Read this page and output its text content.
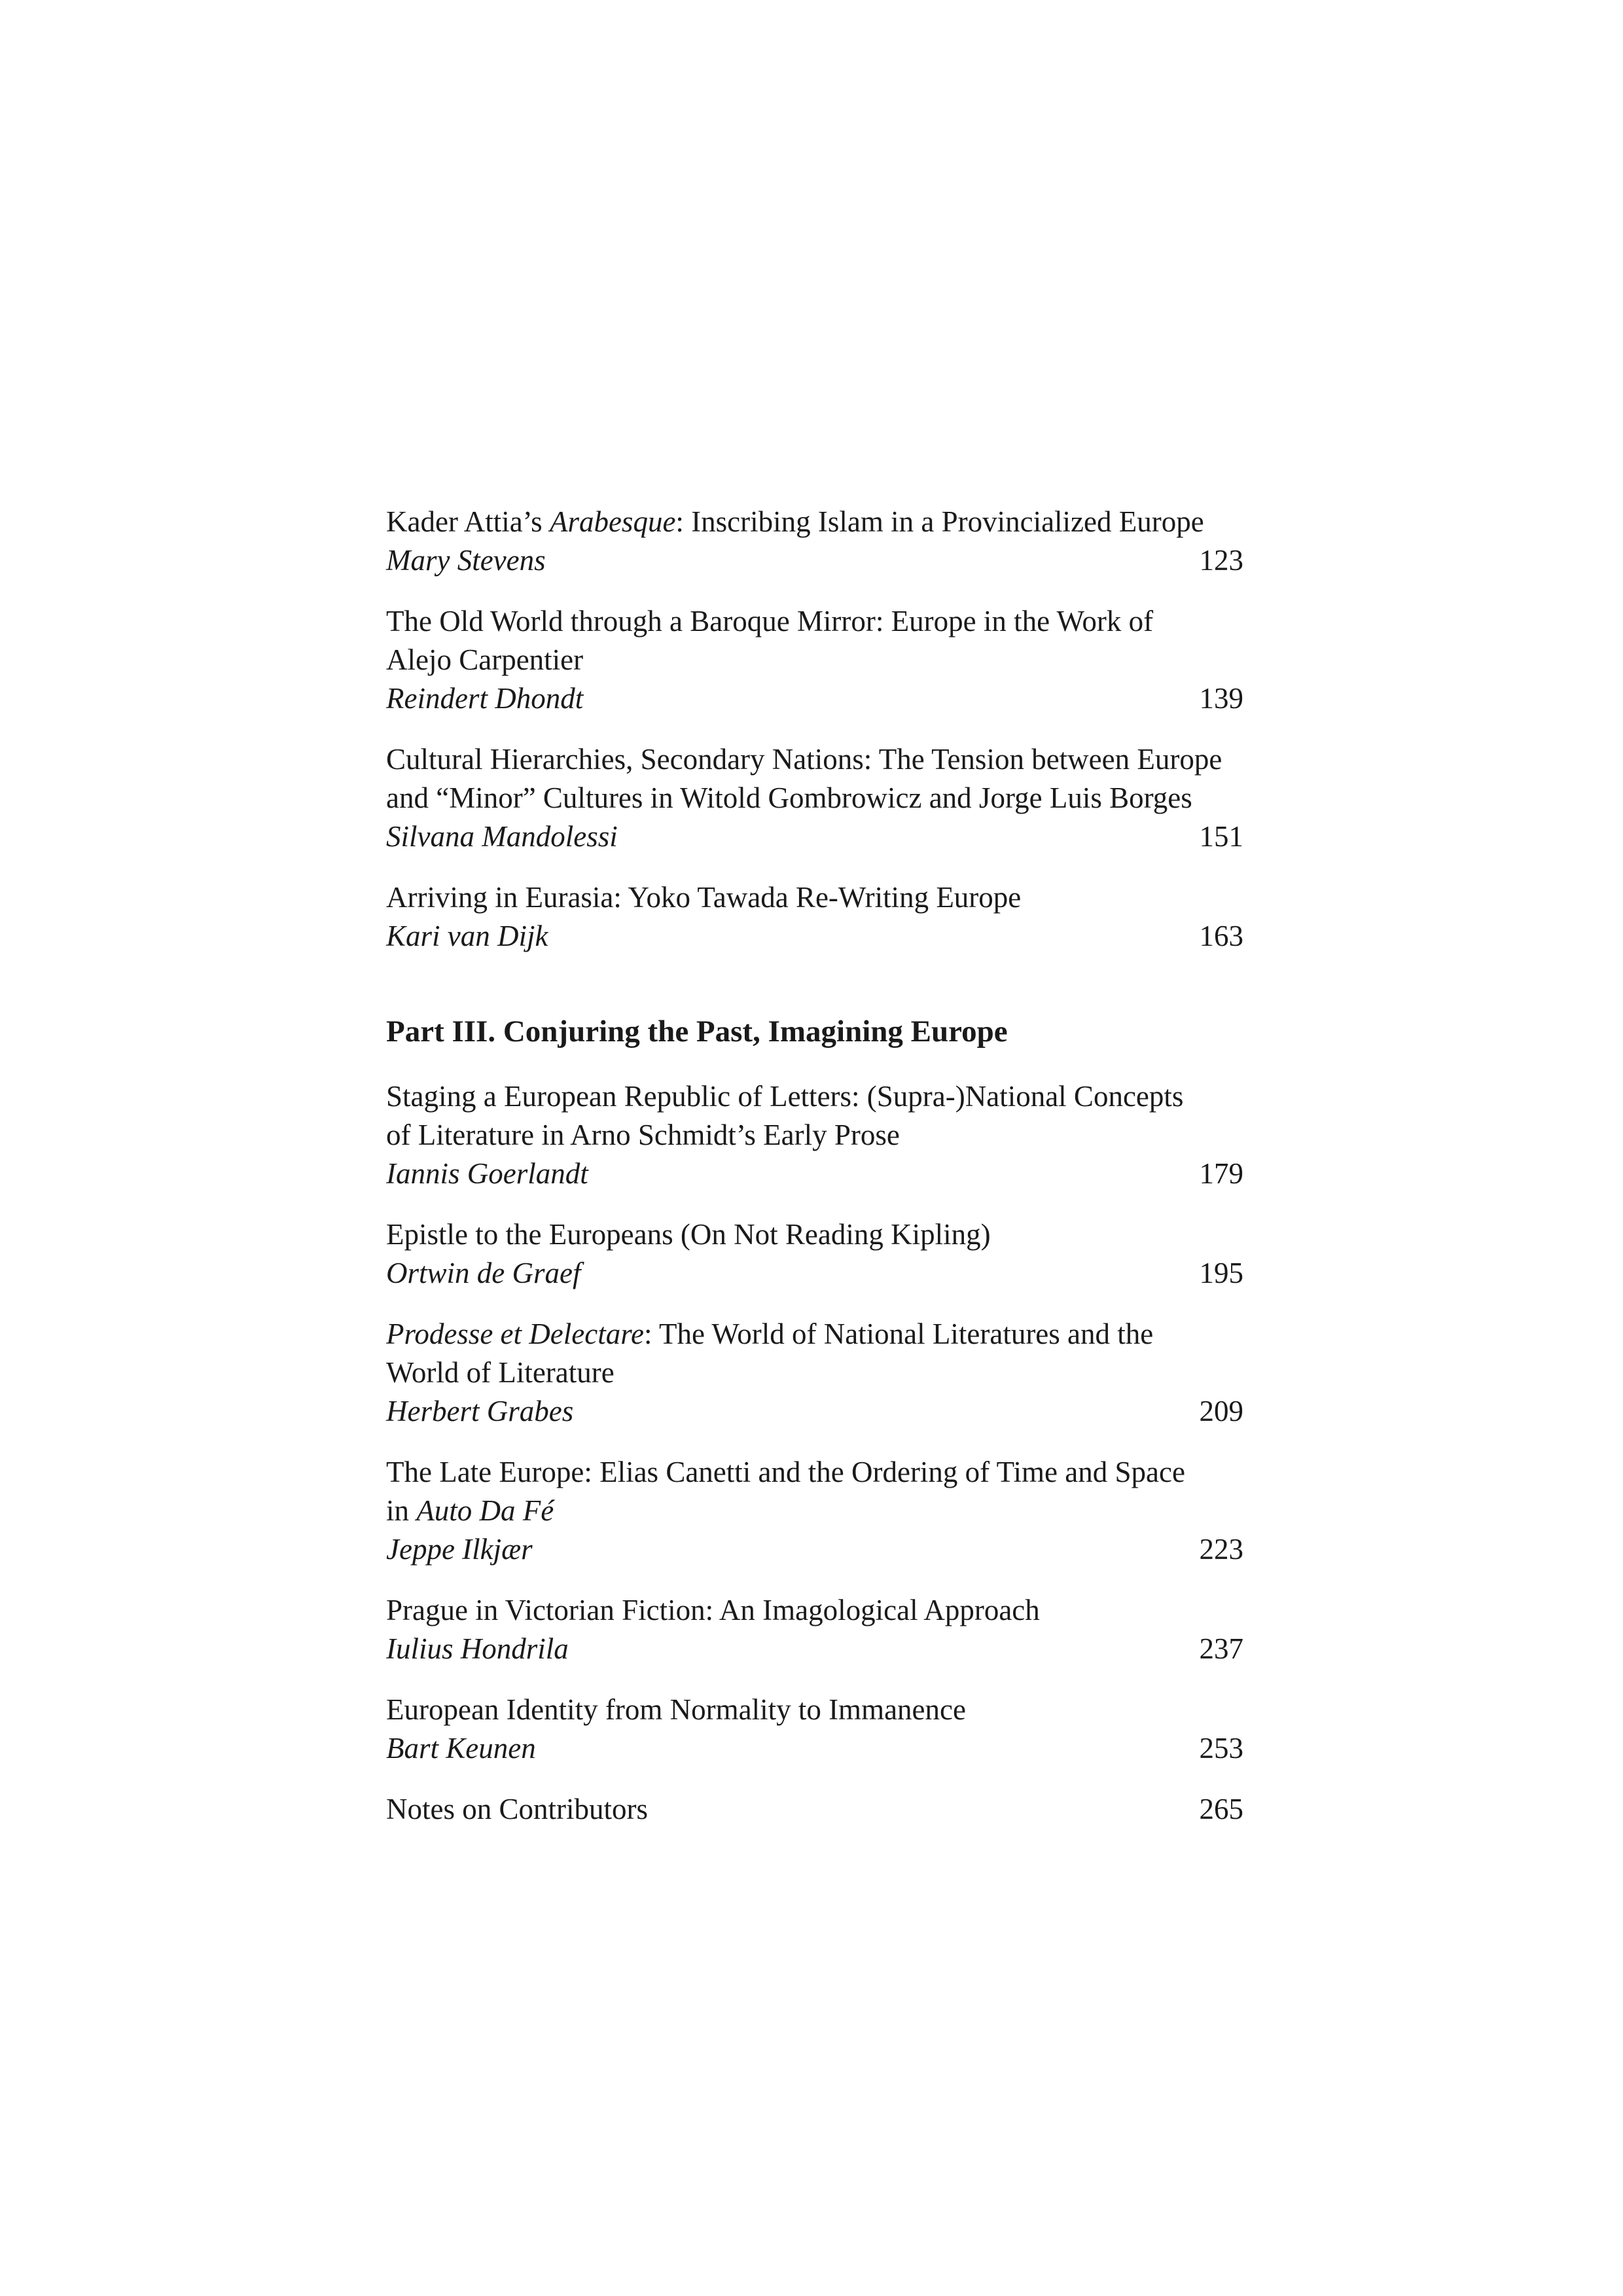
Kader Attia’s Arabesque: Inscribing Islam in a Provincialized Europe
Mary Stevens	123
The Old World through a Baroque Mirror: Europe in the Work of
Alejo Carpentier
Reindert Dhondt	139
Cultural Hierarchies, Secondary Nations: The Tension between Europe
and “Minor” Cultures in Witold Gombrowicz and Jorge Luis Borges
Silvana Mandolessi	151
Arriving in Eurasia: Yoko Tawada Re-Writing Europe
Kari van Dijk	163
Part III. Conjuring the Past, Imagining Europe
Staging a European Republic of Letters: (Supra-)National Concepts
of Literature in Arno Schmidt’s Early Prose
Iannis Goerlandt	179
Epistle to the Europeans (On Not Reading Kipling)
Ortwin de Graef	195
Prodesse et Delectare: The World of National Literatures and the
World of Literature
Herbert Grabes	209
The Late Europe: Elias Canetti and the Ordering of Time and Space
in Auto Da Fé
Jeppe Ilkjær	223
Prague in Victorian Fiction: An Imagological Approach
Iulius Hondrila	237
European Identity from Normality to Immanence
Bart Keunen	253
Notes on Contributors	265
